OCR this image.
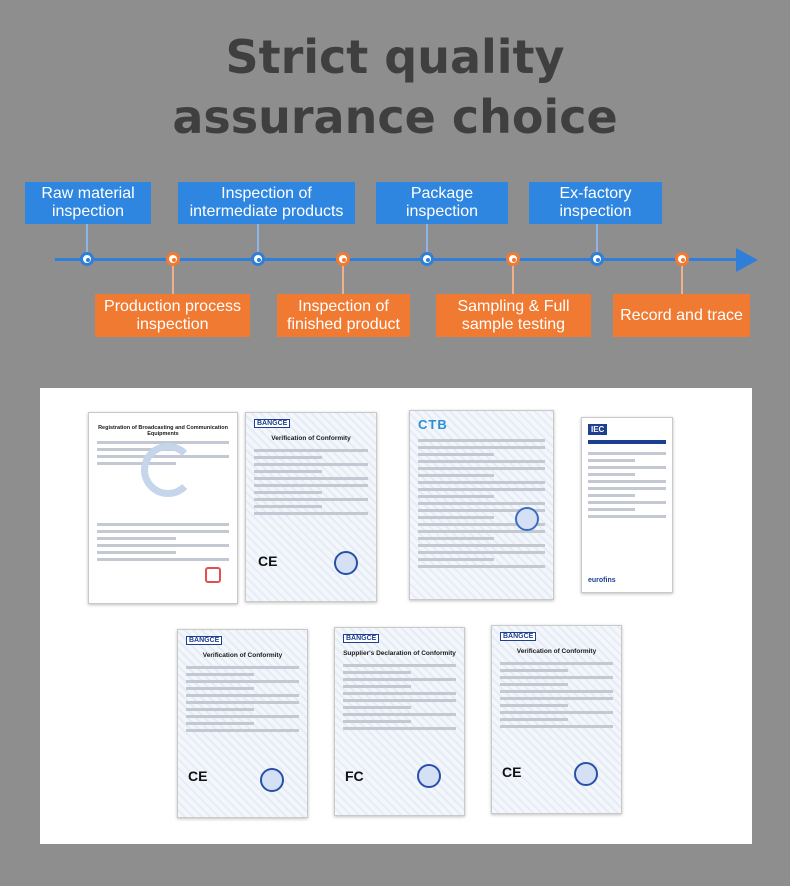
Strict quality
assurance choice
Raw material inspection
Inspection of intermediate products
Package inspection
Ex-factory inspection
Production process inspection
Inspection of finished product
Sampling & Full sample testing
Record and trace
Registration of Broadcasting and Communication Equipments
BANGCE
Verification of Conformity
CE
CTB	IEC
eurofins
BANGCE
Verification of Conformity
CE
BANGCE
Supplier's Declaration of Conformity
FC
BANGCE
Verification of Conformity
CE
